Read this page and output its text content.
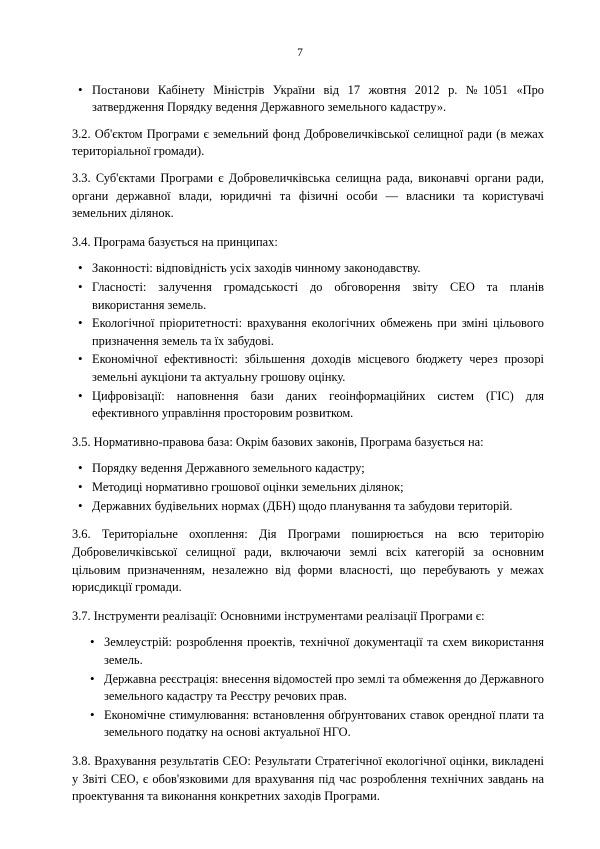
7
• Постанови Кабінету Міністрів України від 17 жовтня 2012 р. №1051 «Про затвердження Порядку ведення Державного земельного кадастру».

3.2. Об'єктом Програми є земельний фонд Добровеличківської селищної ради (в межах територіальної громади).

3.3. Суб'єктами Програми є Добровеличківська селищна рада, виконавчі органи ради, органи державної влади, юридичні та фізичні особи — власники та користувачі земельних ділянок.

3.4. Програма базується на принципах:

• Законності: відповідність усіх заходів чинному законодавству.
• Гласності: залучення громадськості до обговорення звіту СЕО та планів використання земель.
• Екологічної пріоритетності: врахування екологічних обмежень при зміні цільового призначення земель та їх забудові.
• Економічної ефективності: збільшення доходів місцевого бюджету через прозорі земельні аукціони та актуальну грошову оцінку.
• Цифровізації: наповнення бази даних геоінформаційних систем (ГІС) для ефективного управління просторовим розвитком.

3.5. Нормативно-правова база: Окрім базових законів, Програма базується на:

• Порядку ведення Державного земельного кадастру;
• Методиці нормативно грошової оцінки земельних ділянок;
• Державних будівельних нормах (ДБН) щодо планування та забудови територій.

3.6. Територіальне охоплення: Дія Програми поширюється на всю територію Добровеличківської селищної ради, включаючи землі всіх категорій за основним цільовим призначенням, незалежно від форми власності, що перебувають у межах юрисдикції громади.

3.7. Інструменти реалізації: Основними інструментами реалізації Програми є:

• Землеустрій: розроблення проектів, технічної документації та схем використання земель.
• Державна реєстрація: внесення відомостей про землі та обмеження до Державного земельного кадастру та Реєстру речових прав.
• Економічне стимулювання: встановлення обґрунтованих ставок орендної плати та земельного податку на основі актуальної НГО.

3.8. Врахування результатів СЕО: Результати Стратегічної екологічної оцінки, викладені у Звіті СЕО, є обов'язковими для врахування під час розроблення технічних завдань на проектування та виконання конкретних заходів Програми.
